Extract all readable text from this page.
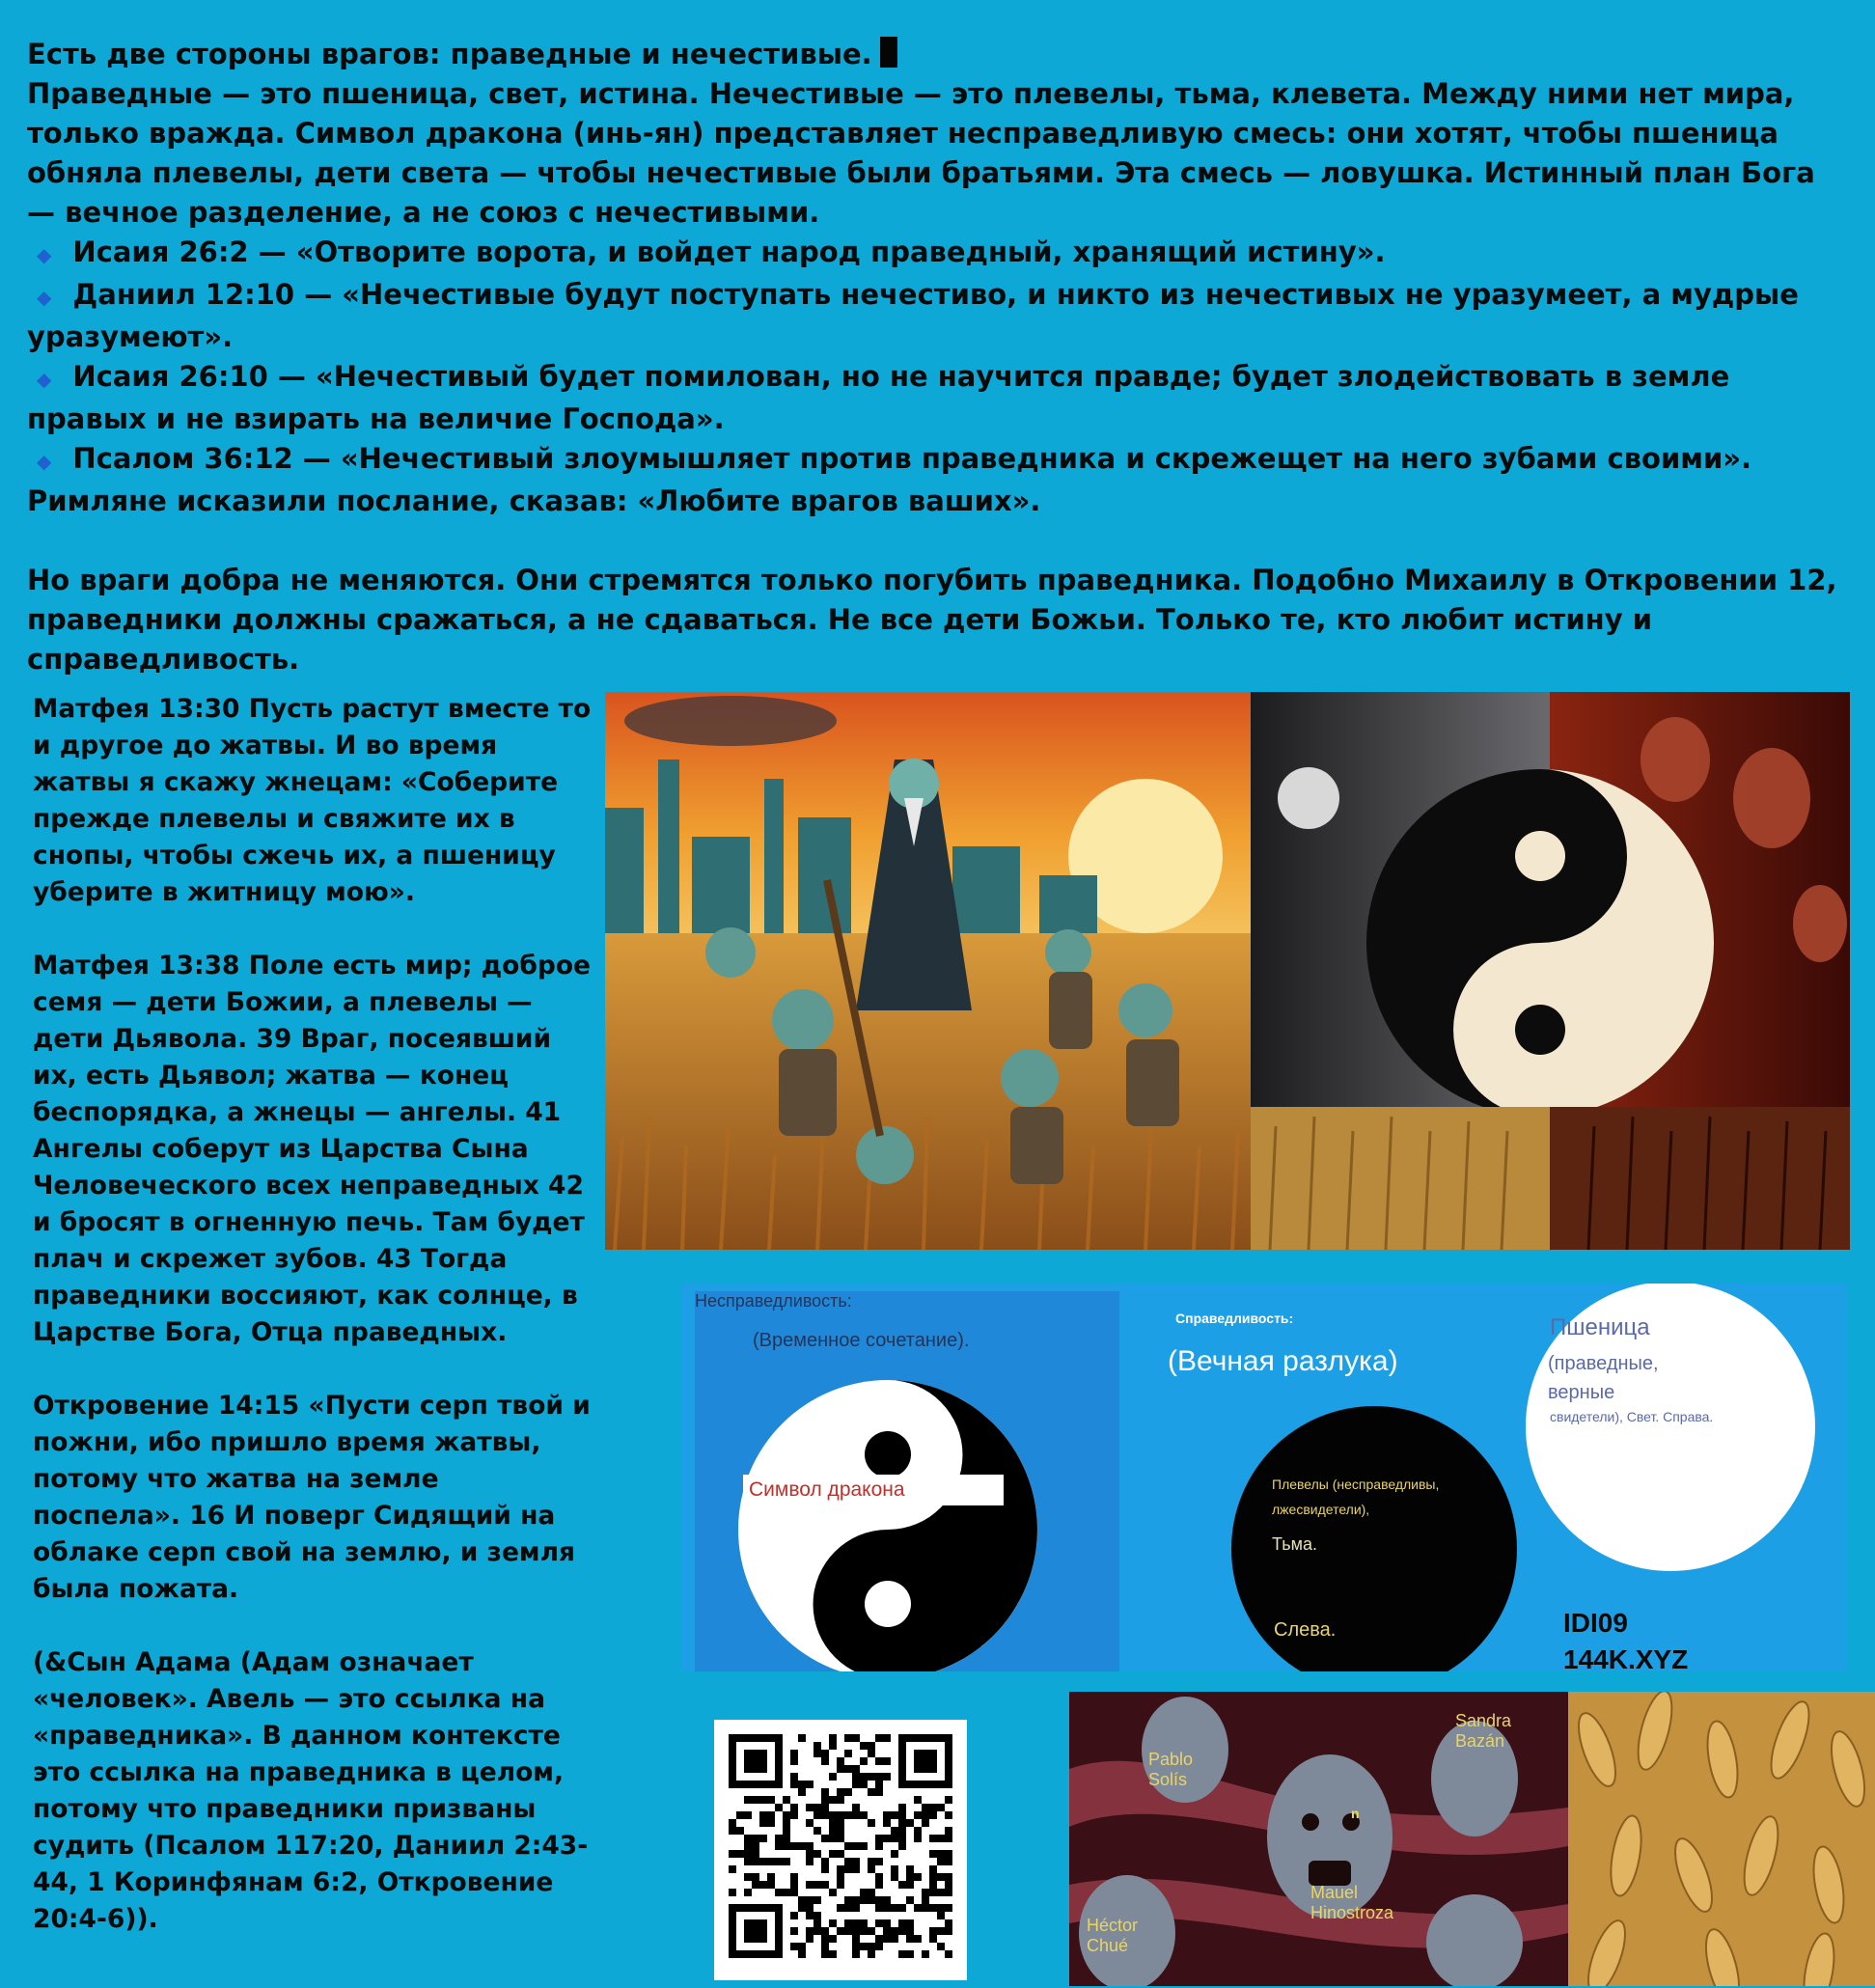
Есть две стороны врагов: праведные и нечестивые.

Праведные — это пшеница, свет, истина. Нечестивые — это плевелы, тьма, клевета. Между ними нет мира, только вражда. Символ дракона (инь-ян) представляет несправедливую смесь: они хотят, чтобы пшеница обняла плевелы, дети света — чтобы нечестивые были братьями. Эта смесь — ловушка. Истинный план Бога — вечное разделение, а не союз с нечестивыми.

◆ Исаия 26:2 — «Отворите ворота, и войдет народ праведный, хранящий истину».

◆ Даниил 12:10 — «Нечестивые будут поступать нечестиво, и никто из нечестивых не уразумеет, а мудрые уразумеют».

◆ Исаия 26:10 — «Нечестивый будет помилован, но не научится правде; будет злодействовать в земле правых и не взирать на величие Господа».

◆ Псалом 36:12 — «Нечестивый злоумышляет против праведника и скрежещет на него зубами своими».

Римляне исказили послание, сказав: «Любите врагов ваших».

Но враги добра не меняются. Они стремятся только погубить праведника. Подобно Михаилу в Откровении 12, праведники должны сражаться, а не сдаваться. Не все дети Божьи. Только те, кто любит истину и справедливость.

Матфея 13:30 Пусть растут вместе то и другое до жатвы. И во время жатвы я скажу жнецам: «Соберите прежде плевелы и свяжите их в снопы, чтобы сжечь их, а пшеницу уберите в житницу мою».

Матфея 13:38 Поле есть мир; доброе семя — дети Божии, а плевелы — дети Дьявола. 39 Враг, посеявший их, есть Дьявол; жатва — конец беспорядка, а жнецы — ангелы. 41 Ангелы соберут из Царства Сына Человеческого всех неправедных 42 и бросят в огненную печь. Там будет плач и скрежет зубов. 43 Тогда праведники воссияют, как солнце, в Царстве Бога, Отца праведных.

Откровение 14:15 «Пусти серп твой и пожни, ибо пришло время жатвы, потому что жатва на земле поспела». 16 И поверг Сидящий на облаке серп свой на землю, и земля была пожата.

(&Сын Адама (Адам означает «человек». Авель — это ссылка на «праведника». В данном контексте это ссылка на праведника в целом, потому что праведники призваны судить (Псалом 117:20, Даниил 2:43-44, 1 Коринфянам 6:2, Откровение 20:4-6)).

Несправедливость:
(Временное сочетание).
Символ дракона
Справедливость:
(Вечная разлука)
Плевелы (несправедливы, лжесвидетели),
Тьма.
Слева.
Пшеница
(праведные, верные
свидетели), Свет. Справа.
IDI09
144K.XYZ
Pablo Solís
Sandra Bazán
n
Mauel Hinostroza
Héctor Chué
